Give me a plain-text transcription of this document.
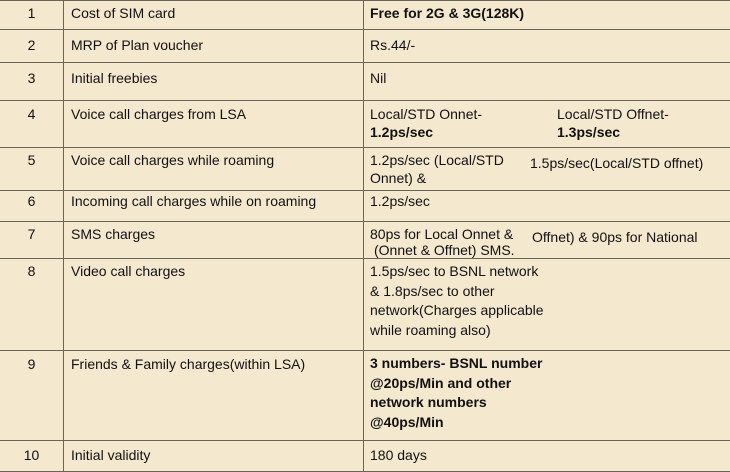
1	Cost of SIM card	Free for 2G & 3G(128K)
2	MRP of Plan voucher	Rs.44/-
3	Initial freebies	Nil
4	Voice call charges from LSA	Local/STD Onnet-
1.2ps/sec
Local/STD Offnet-
1.3ps/sec
5	Voice call charges while roaming	1.2ps/sec (Local/STD
Onnet) &
1.5ps/sec(Local/STD offnet)
6	Incoming call charges while on roaming	1.2ps/sec
7	SMS charges	80ps for Local Onnet & Offnet) & 90ps for National
(Onnet & Offnet) SMS.
8	Video call charges	1.5ps/sec to BSNL network
& 1.8ps/sec to other
network(Charges applicable
while roaming also)
9	Friends & Family charges(within LSA)	3 numbers- BSNL number
@20ps/Min and other
network numbers
@40ps/Min
10	Initial validity	180 days
